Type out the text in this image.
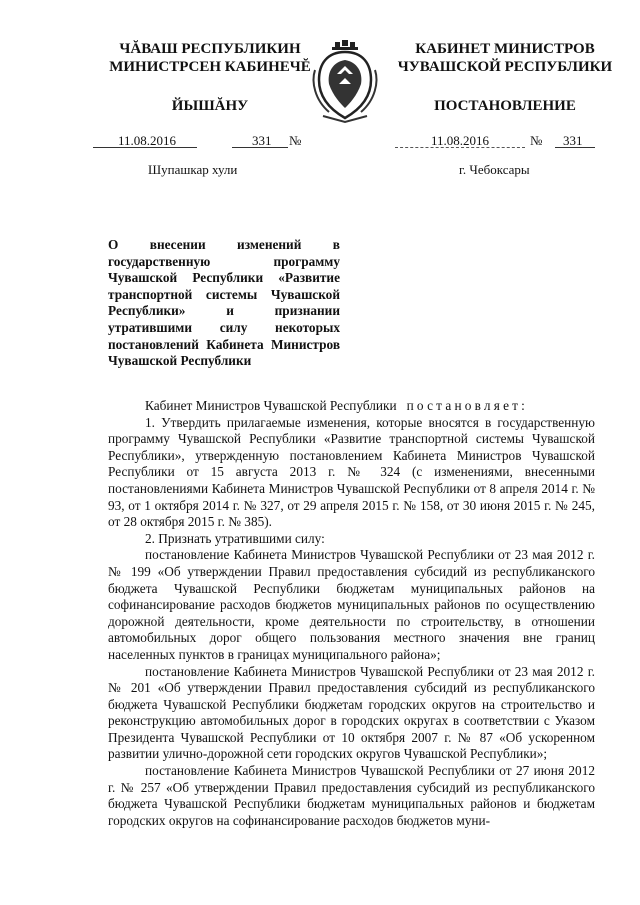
ЧĂВАШ РЕСПУБЛИКИН
МИНИСТРСЕН КАБИНЕЧĔ
ЙЫШĂНУ
КАБИНЕТ МИНИСТРОВ
ЧУВАШСКОЙ РЕСПУБЛИКИ
ПОСТАНОВЛЕНИЕ
11.08.2016	331 №	11.08.2016	№ 331
Шупашкар хули	г. Чебоксары
О внесении изменений в государственную программу Чувашской Республики «Развитие транспортной системы Чувашской Республики» и признании утратившими силу некоторых постановлений Кабинета Министров Чувашской Республики

Кабинет Министров Чувашской Республики постановляет:

1. Утвердить прилагаемые изменения, которые вносятся в государственную программу Чувашской Республики «Развитие транспортной системы Чувашской Республики», утвержденную постановлением Кабинета Министров Чувашской Республики от 15 августа 2013 г. № 324 (с изменениями, внесенными постановлениями Кабинета Министров Чувашской Республики от 8 апреля 2014 г. № 93, от 1 октября 2014 г. № 327, от 29 апреля 2015 г. № 158, от 30 июня 2015 г. № 245, от 28 октября 2015 г. № 385).

2. Признать утратившими силу:

постановление Кабинета Министров Чувашской Республики от 23 мая 2012 г. № 199 «Об утверждении Правил предоставления субсидий из республиканского бюджета Чувашской Республики бюджетам муниципальных районов на софинансирование расходов бюджетов муниципальных районов по осуществлению дорожной деятельности, кроме деятельности по строительству, в отношении автомобильных дорог общего пользования местного значения вне границ населенных пунктов в границах муниципального района»;

постановление Кабинета Министров Чувашской Республики от 23 мая 2012 г. № 201 «Об утверждении Правил предоставления субсидий из республиканского бюджета Чувашской Республики бюджетам городских округов на строительство и реконструкцию автомобильных дорог в городских округах в соответствии с Указом Президента Чувашской Республики от 10 октября 2007 г. № 87 «Об ускоренном развитии улично-дорожной сети городских округов Чувашской Республики»;

постановление Кабинета Министров Чувашской Республики от 27 июня 2012 г. № 257 «Об утверждении Правил предоставления субсидий из республиканского бюджета Чувашской Республики бюджетам муниципальных районов и бюджетам городских округов на софинансирование расходов бюджетов муни-
